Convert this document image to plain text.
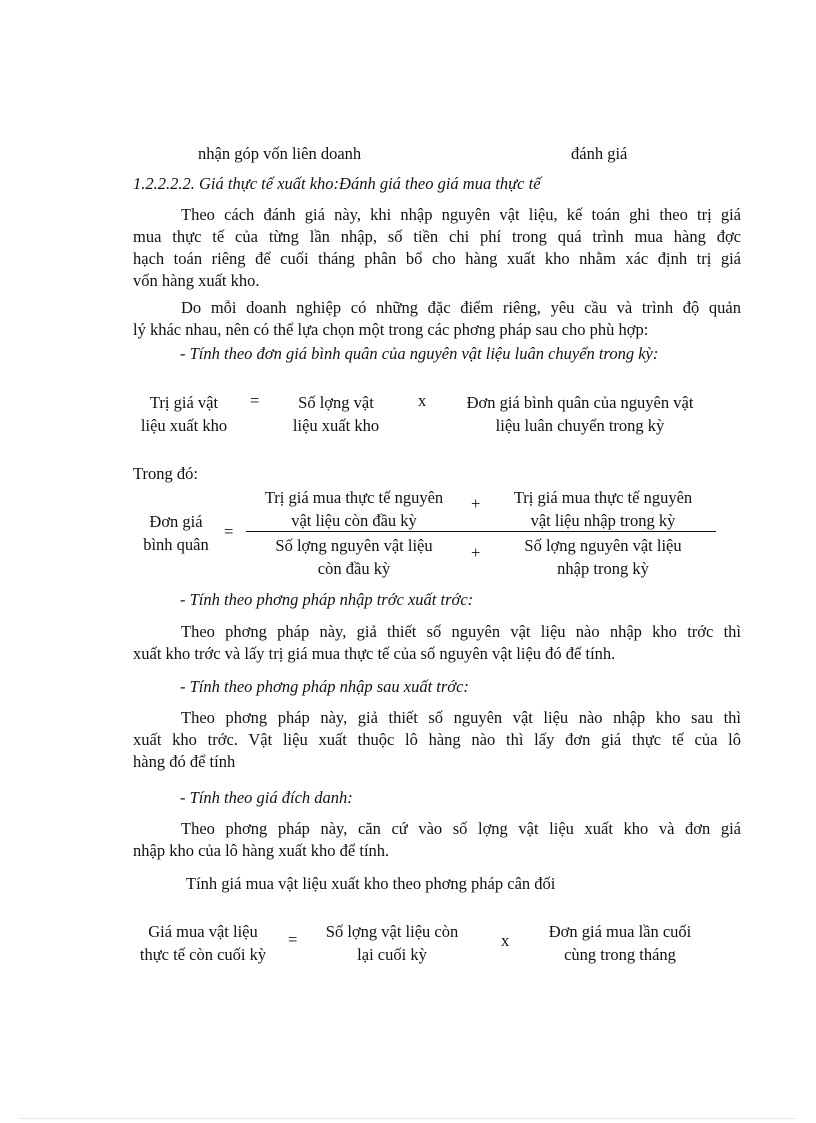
nhận góp vốn liên doanh	đánh giá
1.2.2.2.2. Giá thực tế xuất kho:Đánh giá theo giá mua thực tế
Theo cách đánh giá này, khi nhập nguyên vật liệu, kế toán ghi theo trị giá
mua thực tế của từng lần nhập, số tiền chi phí trong quá trình mua hàng đợc
hạch toán riêng để cuối tháng phân bổ cho hàng xuất kho nhằm xác định trị giá
vốn hàng xuất kho.
Do mỗi doanh nghiệp có những đặc điểm riêng, yêu cầu và trình độ quản
lý khác nhau, nên có thể lựa chọn một trong các phơng pháp sau cho phù hợp:
- Tính theo đơn giá bình quân của nguyên vật liệu luân chuyển trong kỳ:
Trị giá vật
liệu xuất kho
=	Số lợng vật
liệu xuất kho
x	Đơn giá bình quân của nguyên vật
liệu luân chuyển trong kỳ
Trong đó:
Đơn giá
bình quân
=
Trị giá mua thực tế nguyên
vật liệu còn đầu kỳ
+	Trị giá mua thực tế nguyên
vật liệu nhập trong kỳ
Số lợng nguyên vật liệu
còn đầu kỳ
+	Số lợng nguyên vật liệu
nhập trong kỳ
- Tính theo phơng pháp nhập trớc xuất trớc:
Theo phơng pháp này, giả thiết số nguyên vật liệu nào nhập kho trớc thì
xuất kho trớc và lấy trị giá mua thực tế của số nguyên vật liệu đó để tính.
- Tính theo phơng pháp nhập sau xuất trớc:
Theo phơng pháp này, giả thiết số nguyên vật liệu nào nhập kho sau thì
xuất kho trớc. Vật liệu xuất thuộc lô hàng nào thì lấy đơn giá thực tế của lô
hàng đó để tính
- Tính theo giá đích danh:
Theo phơng pháp này, căn cứ vào số lợng vật liệu xuất kho và đơn giá
nhập kho của lô hàng xuất kho để tính.
Tính giá mua vật liệu xuất kho theo phơng pháp cân đối
Giá mua vật liệu
thực tế còn cuối kỳ
=	Số lợng vật liệu còn
lại cuối kỳ
x	Đơn giá mua lần cuối
cùng trong tháng
